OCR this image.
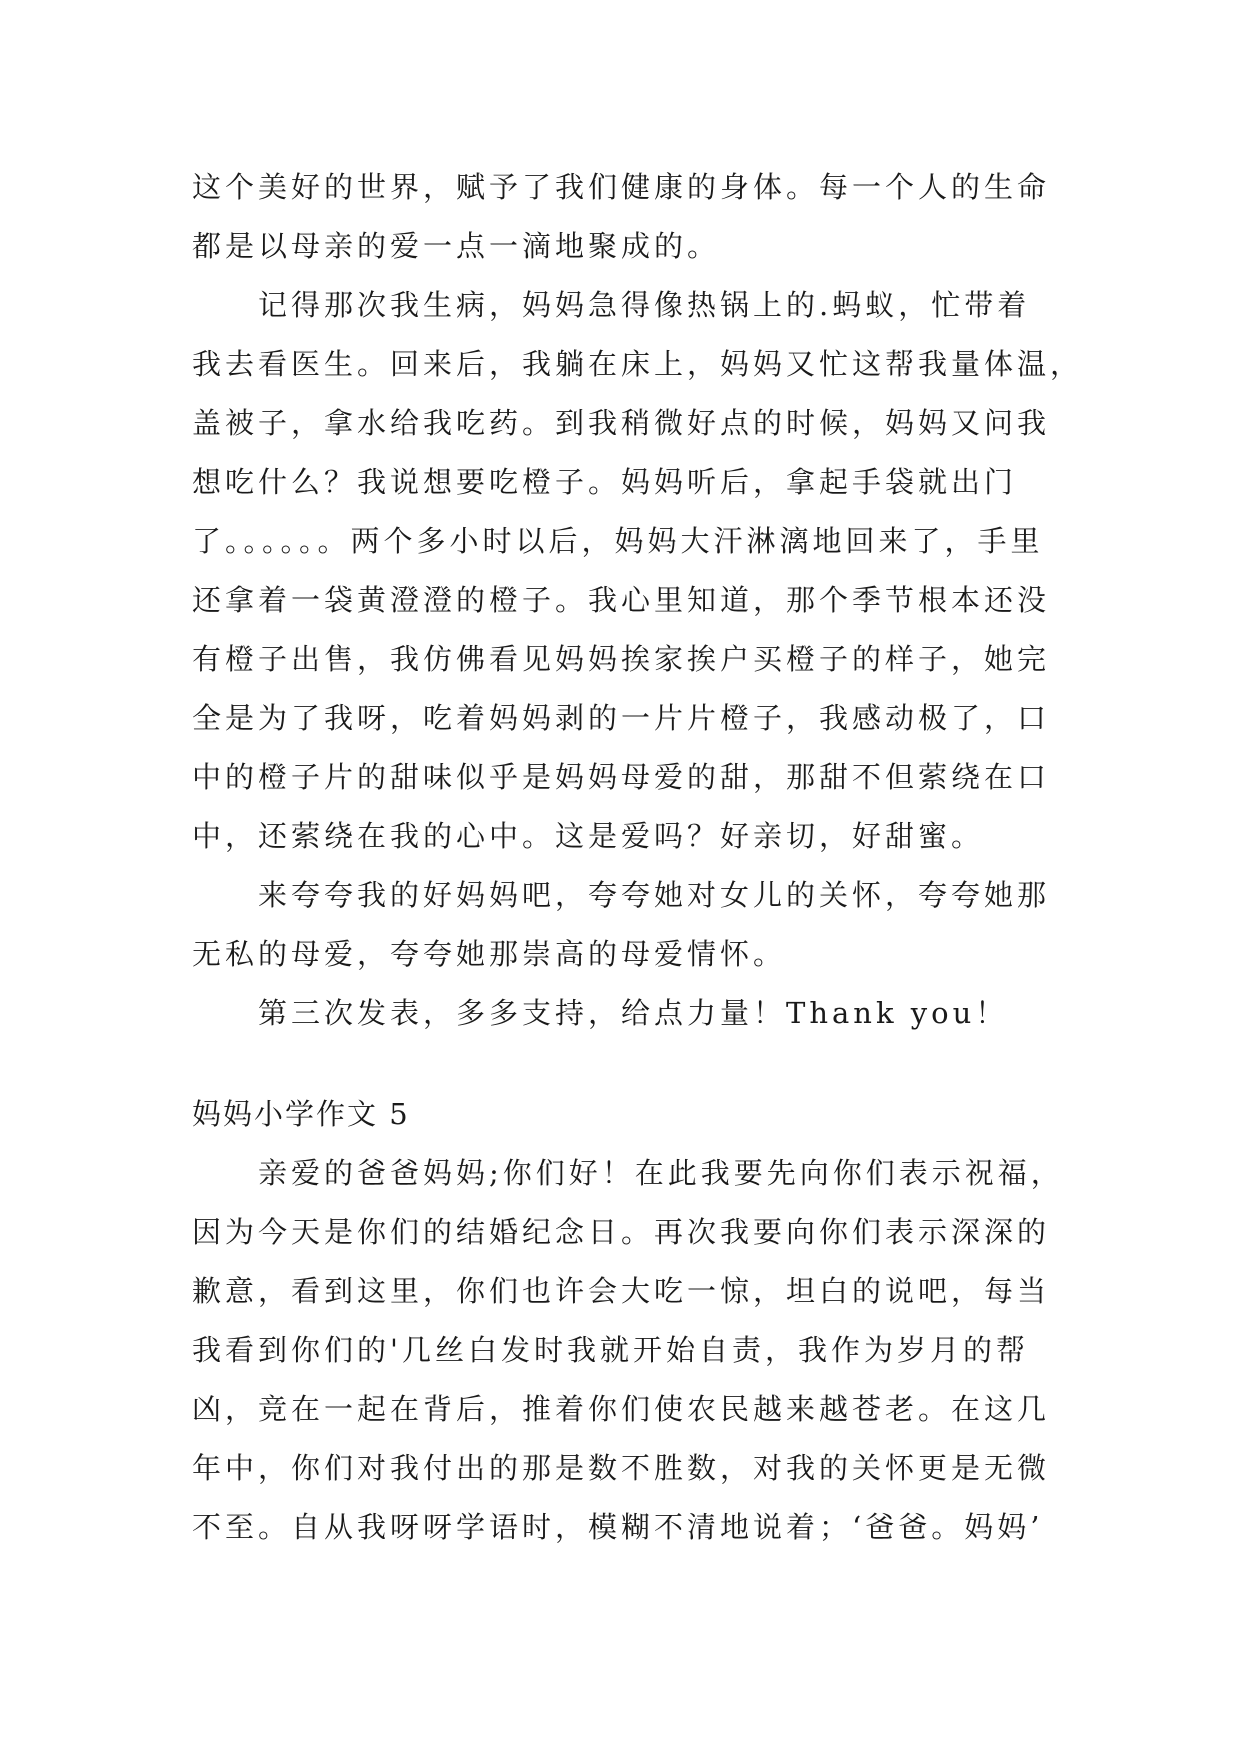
这个美好的世界，赋予了我们健康的身体。每一个人的生命
都是以母亲的爱一点一滴地聚成的。
记得那次我生病，妈妈急得像热锅上的.蚂蚁，忙带着
我去看医生。回来后，我躺在床上，妈妈又忙这帮我量体温，
盖被子，拿水给我吃药。到我稍微好点的时候，妈妈又问我
想吃什么？我说想要吃橙子。妈妈听后，拿起手袋就出门
了。。。。。。两个多小时以后，妈妈大汗淋漓地回来了，手里
还拿着一袋黄澄澄的橙子。我心里知道，那个季节根本还没
有橙子出售，我仿佛看见妈妈挨家挨户买橙子的样子，她完
全是为了我呀，吃着妈妈剥的一片片橙子，我感动极了，口
中的橙子片的甜味似乎是妈妈母爱的甜，那甜不但萦绕在口
中，还萦绕在我的心中。这是爱吗？好亲切，好甜蜜。
来夸夸我的好妈妈吧，夸夸她对女儿的关怀，夸夸她那
无私的母爱，夸夸她那崇高的母爱情怀。
第三次发表，多多支持，给点力量！Thank you！
妈妈小学作文 5
亲爱的爸爸妈妈;你们好！在此我要先向你们表示祝福，
因为今天是你们的结婚纪念日。再次我要向你们表示深深的
歉意，看到这里，你们也许会大吃一惊，坦白的说吧，每当
我看到你们的'几丝白发时我就开始自责，我作为岁月的帮
凶，竞在一起在背后，推着你们使农民越来越苍老。在这几
年中，你们对我付出的那是数不胜数，对我的关怀更是无微
不至。自从我呀呀学语时，模糊不清地说着；‘爸爸。妈妈’
